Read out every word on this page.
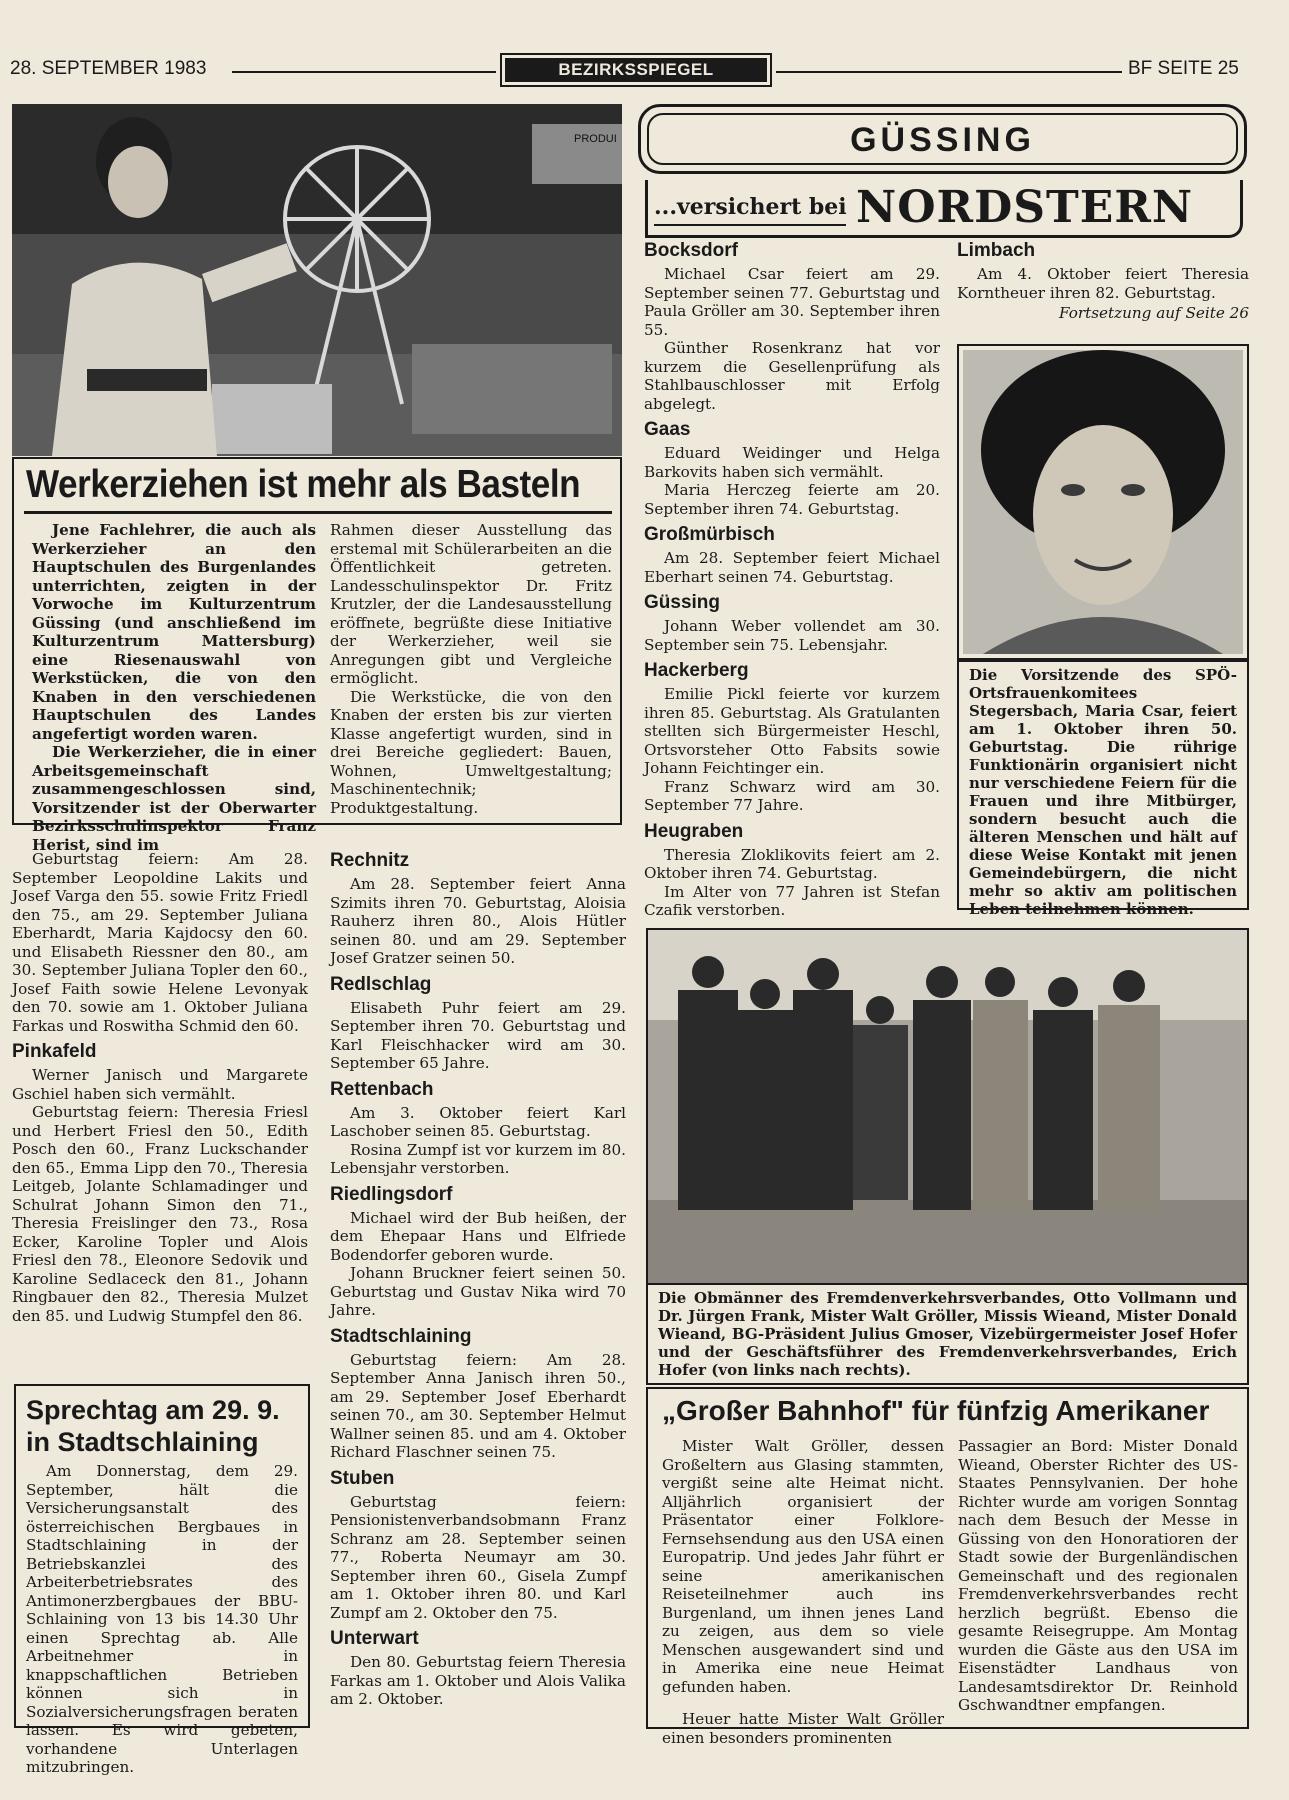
28. SEPTEMBER 1983	BEZIRKSSPIEGEL	BF SEITE 25
PRODUI
Werkerziehen ist mehr als Basteln

Jene Fachlehrer, die auch als Werkerzieher an den Hauptschulen des Burgenlandes unterrichten, zeigten in der Vorwoche im Kulturzentrum Güssing (und anschließend im Kulturzentrum Mattersburg) eine Riesenauswahl von Werkstücken, die von den Knaben in den verschiedenen Hauptschulen des Landes angefertigt worden waren.

Die Werkerzieher, die in einer Arbeitsgemeinschaft zusammengeschlossen sind, Vorsitzender ist der Oberwarter Bezirksschulinspektor Franz Herist, sind im

Rahmen dieser Ausstellung das erstemal mit Schülerarbeiten an die Öffentlichkeit getreten. Landesschulinspektor Dr. Fritz Krutzler, der die Landesausstellung eröffnete, begrüßte diese Initiative der Werkerzieher, weil sie Anregungen gibt und Vergleiche ermöglicht.

Die Werkstücke, die von den Knaben der ersten bis zur vierten Klasse angefertigt wurden, sind in drei Bereiche gegliedert: Bauen, Wohnen, Umweltgestaltung; Maschinentechnik; Produktgestaltung.

GÜSSING
...versichert bei NORDSTERN
Bocksdorf

Michael Csar feiert am 29. September seinen 77. Geburtstag und Paula Gröller am 30. September ihren 55.

Günther Rosenkranz hat vor kurzem die Gesellenprüfung als Stahlbauschlosser mit Erfolg abgelegt.

Gaas

Eduard Weidinger und Helga Barkovits haben sich vermählt.

Maria Herczeg feierte am 20. September ihren 74. Geburtstag.

Großmürbisch

Am 28. September feiert Michael Eberhart seinen 74. Geburtstag.

Güssing

Johann Weber vollendet am 30. September sein 75. Lebensjahr.

Hackerberg

Emilie Pickl feierte vor kurzem ihren 85. Geburtstag. Als Gratulanten stellten sich Bürgermeister Heschl, Ortsvorsteher Otto Fabsits sowie Johann Feichtinger ein.

Franz Schwarz wird am 30. September 77 Jahre.

Heugraben

Theresia Zloklikovits feiert am 2. Oktober ihren 74. Geburtstag.

Im Alter von 77 Jahren ist Stefan Czafik verstorben.

Limbach

Am 4. Oktober feiert Theresia Korntheuer ihren 82. Geburtstag.

Fortsetzung auf Seite 26
Die Vorsitzende des SPÖ-Ortsfrauenkomitees Stegersbach, Maria Csar, feiert am 1. Oktober ihren 50. Geburtstag. Die rührige Funktionärin organisiert nicht nur verschiedene Feiern für die Frauen und ihre Mitbürger, sondern besucht auch die älteren Menschen und hält auf diese Weise Kontakt mit jenen Gemeindebürgern, die nicht mehr so aktiv am politischen Leben teilnehmen können.

Geburtstag feiern: Am 28. September Leopoldine Lakits und Josef Varga den 55. sowie Fritz Friedl den 75., am 29. September Juliana Eberhardt, Maria Kajdocsy den 60. und Elisabeth Riessner den 80., am 30. September Juliana Topler den 60., Josef Faith sowie Helene Levonyak den 70. sowie am 1. Oktober Juliana Farkas und Roswitha Schmid den 60.

Pinkafeld

Werner Janisch und Margarete Gschiel haben sich vermählt.

Geburtstag feiern: Theresia Friesl und Herbert Friesl den 50., Edith Posch den 60., Franz Luckschander den 65., Emma Lipp den 70., Theresia Leitgeb, Jolante Schlamadinger und Schulrat Johann Simon den 71., Theresia Freislinger den 73., Rosa Ecker, Karoline Topler und Alois Friesl den 78., Eleonore Sedovik und Karoline Sedlaceck den 81., Johann Ringbauer den 82., Theresia Mulzet den 85. und Ludwig Stumpfel den 86.

Rechnitz

Am 28. September feiert Anna Szimits ihren 70. Geburtstag, Aloisia Rauherz ihren 80., Alois Hütler seinen 80. und am 29. September Josef Gratzer seinen 50.

Redlschlag

Elisabeth Puhr feiert am 29. September ihren 70. Geburtstag und Karl Fleischhacker wird am 30. September 65 Jahre.

Rettenbach

Am 3. Oktober feiert Karl Laschober seinen 85. Geburtstag.

Rosina Zumpf ist vor kurzem im 80. Lebensjahr verstorben.

Riedlingsdorf

Michael wird der Bub heißen, der dem Ehepaar Hans und Elfriede Bodendorfer geboren wurde.

Johann Bruckner feiert seinen 50. Geburtstag und Gustav Nika wird 70 Jahre.

Stadtschlaining

Geburtstag feiern: Am 28. September Anna Janisch ihren 50., am 29. September Josef Eberhardt seinen 70., am 30. September Helmut Wallner seinen 85. und am 4. Oktober Richard Flaschner seinen 75.

Stuben

Geburtstag feiern: Pensionistenverbandsobmann Franz Schranz am 28. September seinen 77., Roberta Neumayr am 30. September ihren 60., Gisela Zumpf am 1. Oktober ihren 80. und Karl Zumpf am 2. Oktober den 75.

Unterwart

Den 80. Geburtstag feiern Theresia Farkas am 1. Oktober und Alois Valika am 2. Oktober.

Sprechtag am 29. 9. in Stadtschlaining

Am Donnerstag, dem 29. September, hält die Versicherungsanstalt des österreichischen Bergbaues in Stadtschlaining in der Betriebskanzlei des Arbeiterbetriebsrates des Antimonerzbergbaues der BBU-Schlaining von 13 bis 14.30 Uhr einen Sprechtag ab. Alle Arbeitnehmer in knappschaftlichen Betrieben können sich in Sozialversicherungsfragen beraten lassen. Es wird gebeten, vorhandene Unterlagen mitzubringen.

Die Obmänner des Fremdenverkehrsverbandes, Otto Vollmann und Dr. Jürgen Frank, Mister Walt Gröller, Missis Wieand, Mister Donald Wieand, BG-Präsident Julius Gmoser, Vizebürgermeister Josef Hofer und der Geschäftsführer des Fremdenverkehrsverbandes, Erich Hofer (von links nach rechts).
„Großer Bahnhof" für fünfzig Amerikaner

Mister Walt Gröller, dessen Großeltern aus Glasing stammten, vergißt seine alte Heimat nicht. Alljährlich organisiert der Präsentator einer Folklore-Fernsehsendung aus den USA einen Europatrip. Und jedes Jahr führt er seine amerikanischen Reiseteilnehmer auch ins Burgenland, um ihnen jenes Land zu zeigen, aus dem so viele Menschen ausgewandert sind und in Amerika eine neue Heimat gefunden haben.

Heuer hatte Mister Walt Gröller einen besonders prominenten

Passagier an Bord: Mister Donald Wieand, Oberster Richter des US-Staates Pennsylvanien. Der hohe Richter wurde am vorigen Sonntag nach dem Besuch der Messe in Güssing von den Honoratioren der Stadt sowie der Burgenländischen Gemeinschaft und des regionalen Fremdenverkehrsverbandes recht herzlich begrüßt. Ebenso die gesamte Reisegruppe. Am Montag wurden die Gäste aus den USA im Eisenstädter Landhaus von Landesamtsdirektor Dr. Reinhold Gschwandtner empfangen.
